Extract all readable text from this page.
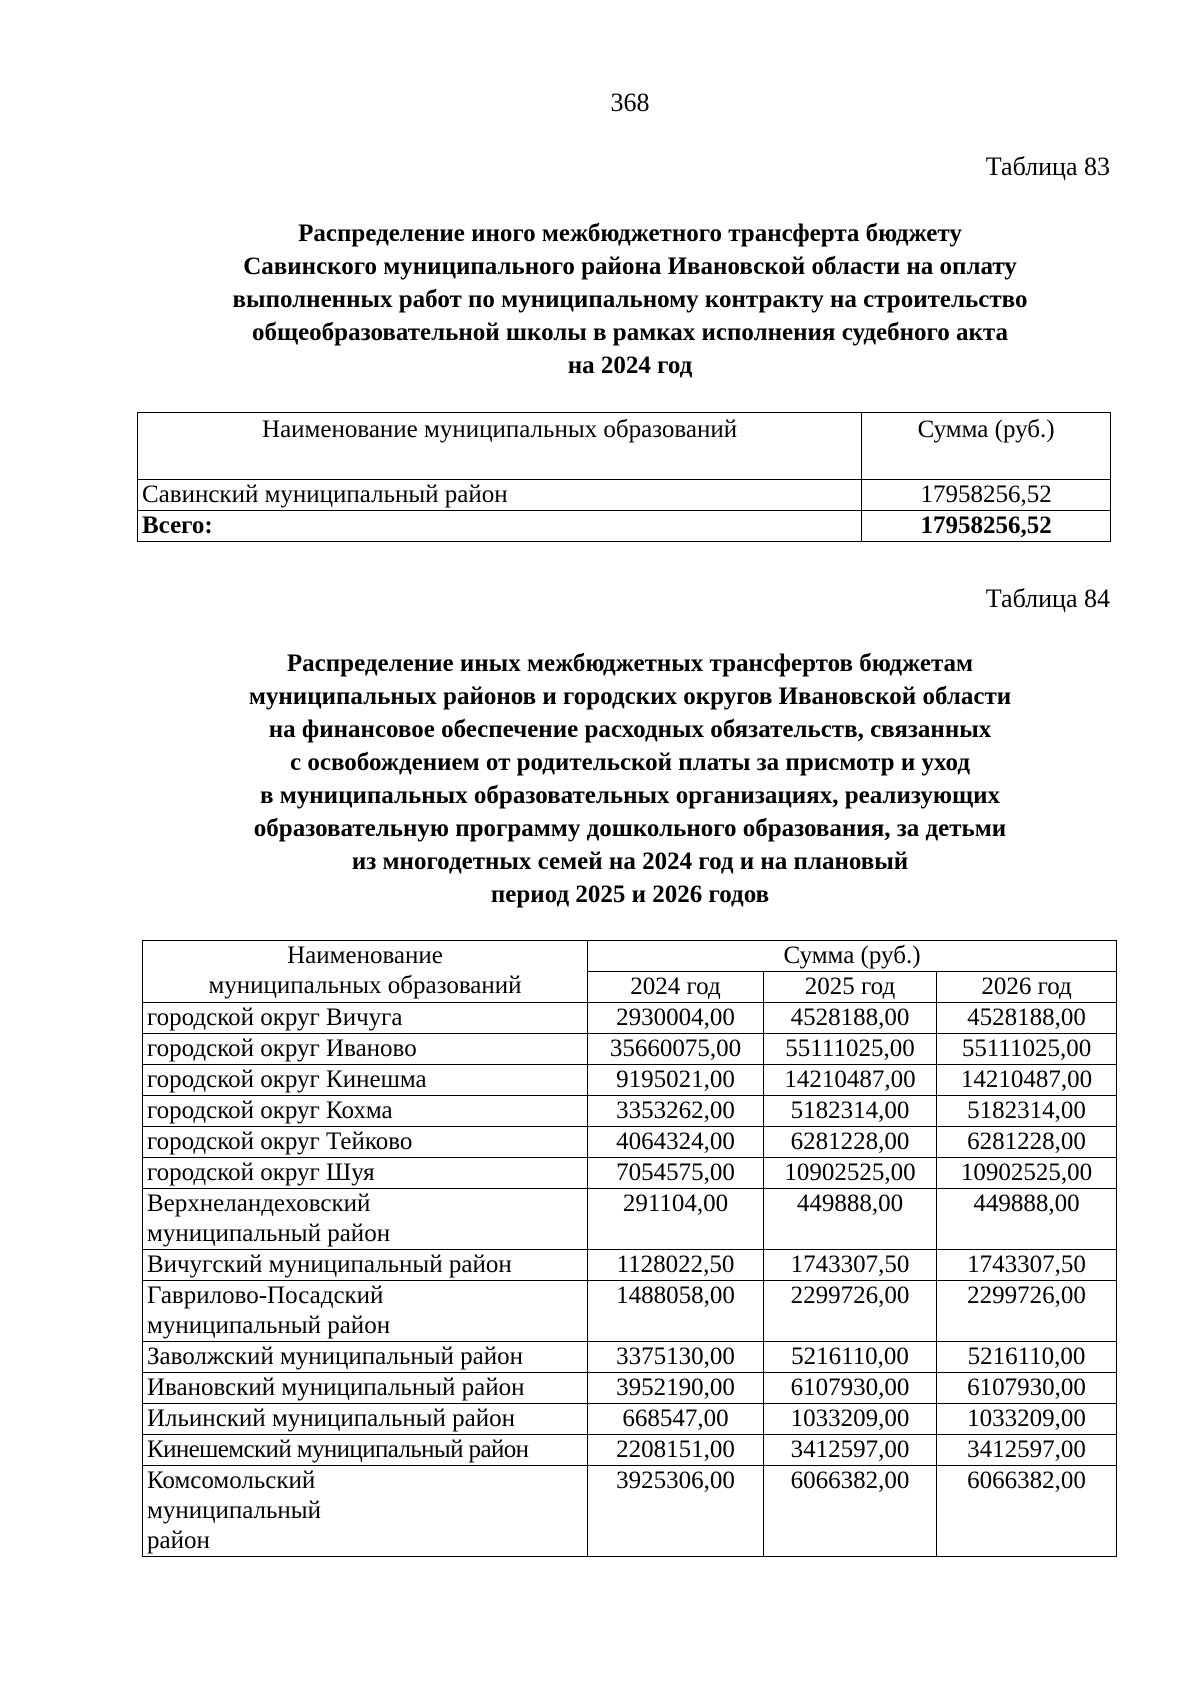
368
Таблица 83
Распределение иного межбюджетного трансферта бюджету
Савинского муниципального района Ивановской области на оплату
выполненных работ по муниципальному контракту на строительство
общеобразовательной школы в рамках исполнения судебного акта
на 2024 год
Наименование муниципальных образований	Сумма (руб.)
Савинский муниципальный район	17958256,52
Всего:	17958256,52
Таблица 84
Распределение иных межбюджетных трансфертов бюджетам
муниципальных районов и городских округов Ивановской области
на финансовое обеспечение расходных обязательств, связанных
с освобождением от родительской платы за присмотр и уход
в муниципальных образовательных организациях, реализующих
образовательную программу дошкольного образования, за детьми
из многодетных семей на 2024 год и на плановый
период 2025 и 2026 годов
Наименование
муниципальных образований	Сумма (руб.)		
	2024 год	2025 год	2026 год
городской округ Вичуга	2930004,00	4528188,00	4528188,00
городской округ Иваново	35660075,00	55111025,00	55111025,00
городской округ Кинешма	9195021,00	14210487,00	14210487,00
городской округ Кохма	3353262,00	5182314,00	5182314,00
городской округ Тейково	4064324,00	6281228,00	6281228,00
городской округ Шуя	7054575,00	10902525,00	10902525,00

Верхнеландеховский
муниципальный район	291104,00	449888,00	449888,00
Вичугский муниципальный район	1128022,50	1743307,50	1743307,50

Гаврилово-Посадский
муниципальный район	1488058,00	2299726,00	2299726,00
Заволжский муниципальный район	3375130,00	5216110,00	5216110,00
Ивановский муниципальный район	3952190,00	6107930,00	6107930,00
Ильинский муниципальный район	668547,00	1033209,00	1033209,00
Кинешемский муниципальный район	2208151,00	3412597,00	3412597,00

Комсомольский муниципальный
район	3925306,00	6066382,00	6066382,00
